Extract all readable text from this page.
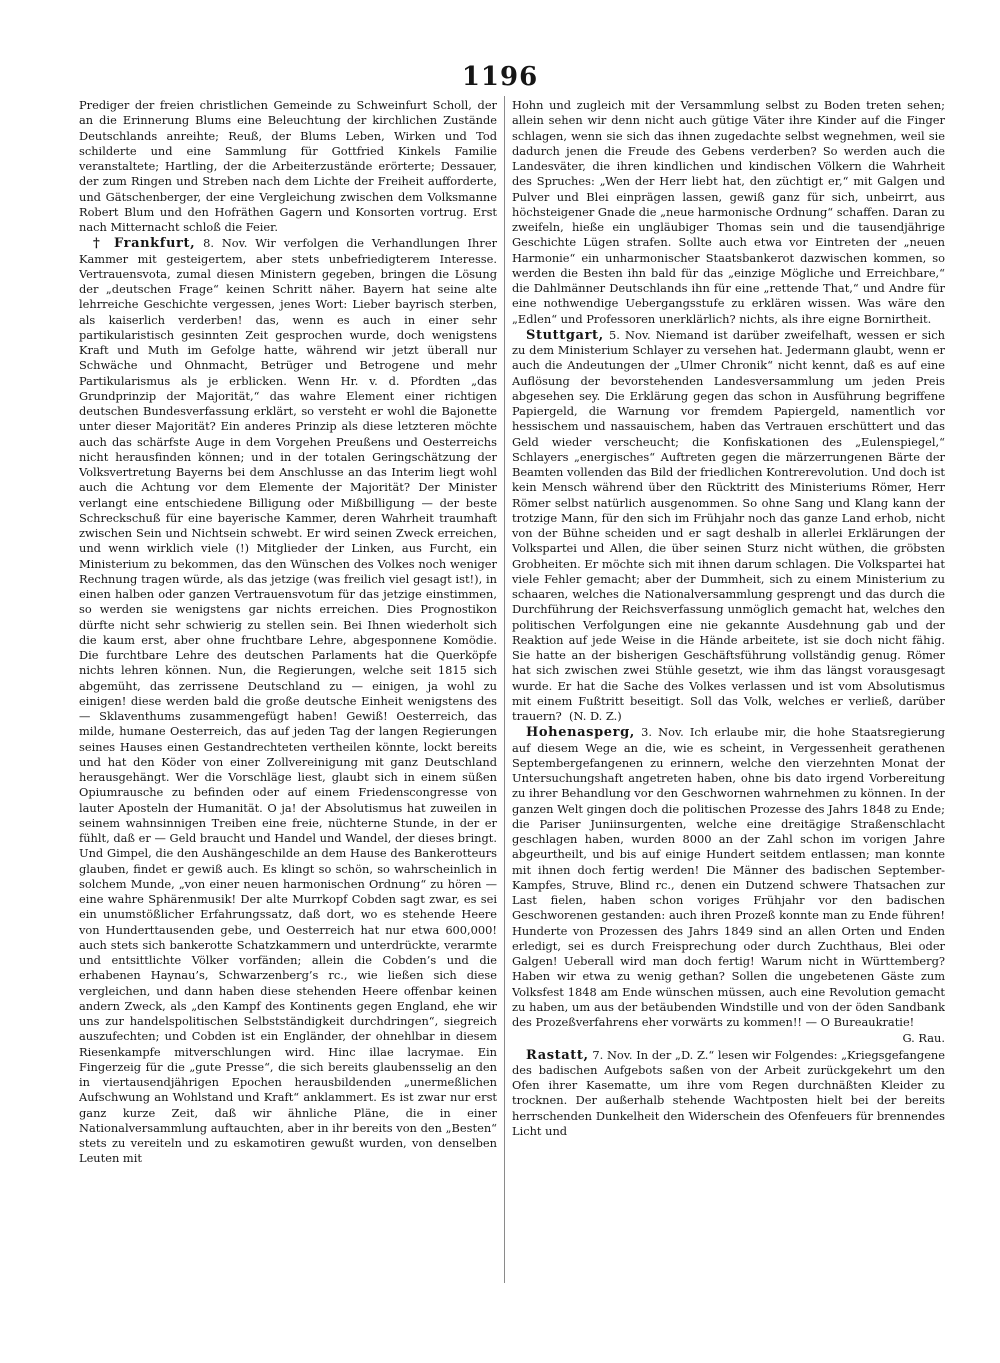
1196

Prediger der freien christlichen Gemeinde zu Schweinfurt Scholl, der an die Erinnerung Blums eine Beleuchtung der kirchlichen Zustände Deutschlands anreihte; Reuß, der Blums Leben, Wirken und Tod schilderte und eine Sammlung für Gottfried Kinkels Familie veranstaltete; Hartling, der die Arbeiterzustände erörterte; Dessauer, der zum Ringen und Streben nach dem Lichte der Freiheit aufforderte, und Gätschenberger, der eine Vergleichung zwischen dem Volksmanne Robert Blum und den Hofräthen Gagern und Konsorten vortrug. Erst nach Mitternacht schloß die Feier.

† Frankfurt, 8. Nov. Wir verfolgen die Verhandlungen Ihrer Kammer mit gesteigertem, aber stets unbefriedigterem Interesse. Vertrauensvota, zumal diesen Ministern gegeben, bringen die Lösung der „deutschen Frage“ keinen Schritt näher. Bayern hat seine alte lehrreiche Geschichte vergessen, jenes Wort: Lieber bayrisch sterben, als kaiserlich verderben! das, wenn es auch in einer sehr partikularistisch gesinnten Zeit gesprochen wurde, doch wenigstens Kraft und Muth im Gefolge hatte, während wir jetzt überall nur Schwäche und Ohnmacht, Betrüger und Betrogene und mehr Partikularismus als je erblicken. Wenn Hr. v. d. Pfordten „das Grundprinzip der Majorität,“ das wahre Element einer richtigen deutschen Bundesverfassung erklärt, so versteht er wohl die Bajonette unter dieser Majorität? Ein anderes Prinzip als diese letzteren möchte auch das schärfste Auge in dem Vorgehen Preußens und Oesterreichs nicht herausfinden können; und in der totalen Geringschätzung der Volksvertretung Bayerns bei dem Anschlusse an das Interim liegt wohl auch die Achtung vor dem Elemente der Majorität? Der Minister verlangt eine entschiedene Billigung oder Mißbilligung — der beste Schreckschuß für eine bayerische Kammer, deren Wahrheit traumhaft zwischen Sein und Nichtsein schwebt. Er wird seinen Zweck erreichen, und wenn wirklich viele (!) Mitglieder der Linken, aus Furcht, ein Ministerium zu bekommen, das den Wünschen des Volkes noch weniger Rechnung tragen würde, als das jetzige (was freilich viel gesagt ist!), in einen halben oder ganzen Vertrauensvotum für das jetzige einstimmen, so werden sie wenigstens gar nichts erreichen. Dies Prognostikon dürfte nicht sehr schwierig zu stellen sein. Bei Ihnen wiederholt sich die kaum erst, aber ohne fruchtbare Lehre, abgesponnene Komödie. Die furchtbare Lehre des deutschen Parlaments hat die Querköpfe nichts lehren können. Nun, die Regierungen, welche seit 1815 sich abgemüht, das zerrissene Deutschland zu — einigen, ja wohl zu einigen! diese werden bald die große deutsche Einheit wenigstens des — Sklaventhums zusammengefügt haben! Gewiß! Oesterreich, das milde, humane Oesterreich, das auf jeden Tag der langen Regierungen seines Hauses einen Gestandrechteten vertheilen könnte, lockt bereits und hat den Köder von einer Zollvereinigung mit ganz Deutschland herausgehängt. Wer die Vorschläge liest, glaubt sich in einem süßen Opiumrausche zu befinden oder auf einem Friedenscongresse von lauter Aposteln der Humanität. O ja! der Absolutismus hat zuweilen in seinem wahnsinnigen Treiben eine freie, nüchterne Stunde, in der er fühlt, daß er — Geld braucht und Handel und Wandel, der dieses bringt. Und Gimpel, die den Aushängeschilde an dem Hause des Bankerotteurs glauben, findet er gewiß auch. Es klingt so schön, so wahrscheinlich in solchem Munde, „von einer neuen harmonischen Ordnung“ zu hören — eine wahre Sphärenmusik! Der alte Murrkopf Cobden sagt zwar, es sei ein unumstößlicher Erfahrungssatz, daß dort, wo es stehende Heere von Hunderttausenden gebe, und Oesterreich hat nur etwa 600,000! auch stets sich bankerotte Schatzkammern und unterdrückte, verarmte und entsittlichte Völker vorfänden; allein die Cobden’s und die erhabenen Haynau’s, Schwarzenberg’s rc., wie ließen sich diese vergleichen, und dann haben diese stehenden Heere offenbar keinen andern Zweck, als „den Kampf des Kontinents gegen England, ehe wir uns zur handelspolitischen Selbstständigkeit durchdringen“, siegreich auszufechten; und Cobden ist ein Engländer, der ohnehlbar in diesem Riesenkampfe mitverschlungen wird. Hinc illae lacrymae. Ein Fingerzeig für die „gute Presse“, die sich bereits glaubensselig an den in viertausendjährigen Epochen herausbildenden „unermeßlichen Aufschwung an Wohlstand und Kraft“ anklammert. Es ist zwar nur erst ganz kurze Zeit, daß wir ähnliche Pläne, die in einer Nationalversammlung auftauchten, aber in ihr bereits von den „Besten“ stets zu vereiteln und zu eskamotiren gewußt wurden, von denselben Leuten mit

Hohn und zugleich mit der Versammlung selbst zu Boden treten sehen; allein sehen wir denn nicht auch gütige Väter ihre Kinder auf die Finger schlagen, wenn sie sich das ihnen zugedachte selbst wegnehmen, weil sie dadurch jenen die Freude des Gebens verderben? So werden auch die Landesväter, die ihren kindlichen und kindischen Völkern die Wahrheit des Spruches: „Wen der Herr liebt hat, den züchtigt er,“ mit Galgen und Pulver und Blei einprägen lassen, gewiß ganz für sich, unbeirrt, aus höchsteigener Gnade die „neue harmonische Ordnung“ schaffen. Daran zu zweifeln, hieße ein ungläubiger Thomas sein und die tausendjährige Geschichte Lügen strafen. Sollte auch etwa vor Eintreten der „neuen Harmonie“ ein unharmonischer Staatsbankerot dazwischen kommen, so werden die Besten ihn bald für das „einzige Mögliche und Erreichbare,“ die Dahlmänner Deutschlands ihn für eine „rettende That,“ und Andre für eine nothwendige Uebergangsstufe zu erklären wissen. Was wäre den „Edlen“ und Professoren unerklärlich? nichts, als ihre eigne Bornirtheit.

Stuttgart, 5. Nov. Niemand ist darüber zweifelhaft, wessen er sich zu dem Ministerium Schlayer zu versehen hat. Jedermann glaubt, wenn er auch die Andeutungen der „Ulmer Chronik“ nicht kennt, daß es auf eine Auflösung der bevorstehenden Landesversammlung um jeden Preis abgesehen sey. Die Erklärung gegen das schon in Ausführung begriffene Papiergeld, die Warnung vor fremdem Papiergeld, namentlich vor hessischem und nassauischem, haben das Vertrauen erschüttert und das Geld wieder verscheucht; die Konfiskationen des „Eulenspiegel,“ Schlayers „energisches“ Auftreten gegen die märzerrungenen Bärte der Beamten vollenden das Bild der friedlichen Kontrerevolution. Und doch ist kein Mensch während über den Rücktritt des Ministeriums Römer, Herr Römer selbst natürlich ausgenommen. So ohne Sang und Klang kann der trotzige Mann, für den sich im Frühjahr noch das ganze Land erhob, nicht von der Bühne scheiden und er sagt deshalb in allerlei Erklärungen der Volkspartei und Allen, die über seinen Sturz nicht wüthen, die gröbsten Grobheiten. Er möchte sich mit ihnen darum schlagen. Die Volkspartei hat viele Fehler gemacht; aber der Dummheit, sich zu einem Ministerium zu schaaren, welches die Nationalversammlung gesprengt und das durch die Durchführung der Reichsverfassung unmöglich gemacht hat, welches den politischen Verfolgungen eine nie gekannte Ausdehnung gab und der Reaktion auf jede Weise in die Hände arbeitete, ist sie doch nicht fähig. Sie hatte an der bisherigen Geschäftsführung vollständig genug. Römer hat sich zwischen zwei Stühle gesetzt, wie ihm das längst vorausgesagt wurde. Er hat die Sache des Volkes verlassen und ist vom Absolutismus mit einem Fußtritt beseitigt. Soll das Volk, welches er verließ, darüber trauern? (N. D. Z.)

Hohenasperg, 3. Nov. Ich erlaube mir, die hohe Staatsregierung auf diesem Wege an die, wie es scheint, in Vergessenheit gerathenen Septembergefangenen zu erinnern, welche den vierzehnten Monat der Untersuchungshaft angetreten haben, ohne bis dato irgend Vorbereitung zu ihrer Behandlung vor den Geschwornen wahrnehmen zu können. In der ganzen Welt gingen doch die politischen Prozesse des Jahrs 1848 zu Ende; die Pariser Juniinsurgenten, welche eine dreitägige Straßenschlacht geschlagen haben, wurden 8000 an der Zahl schon im vorigen Jahre abgeurtheilt, und bis auf einige Hundert seitdem entlassen; man konnte mit ihnen doch fertig werden! Die Männer des badischen September-Kampfes, Struve, Blind rc., denen ein Dutzend schwere Thatsachen zur Last fielen, haben schon voriges Frühjahr vor den badischen Geschworenen gestanden: auch ihren Prozeß konnte man zu Ende führen! Hunderte von Prozessen des Jahrs 1849 sind an allen Orten und Enden erledigt, sei es durch Freisprechung oder durch Zuchthaus, Blei oder Galgen! Ueberall wird man doch fertig! Warum nicht in Württemberg? Haben wir etwa zu wenig gethan? Sollen die ungebetenen Gäste zum Volksfest 1848 am Ende wünschen müssen, auch eine Revolution gemacht zu haben, um aus der betäubenden Windstille und von der öden Sandbank des Prozeßverfahrens eher vorwärts zu kommen!! — O Bureaukratie!

G. Rau.

Rastatt, 7. Nov. In der „D. Z.“ lesen wir Folgendes: „Kriegsgefangene des badischen Aufgebots saßen von der Arbeit zurückgekehrt um den Ofen ihrer Kasematte, um ihre vom Regen durchnäßten Kleider zu trocknen. Der außerhalb stehende Wachtposten hielt bei der bereits herrschenden Dunkelheit den Widerschein des Ofenfeuers für brennendes Licht und
